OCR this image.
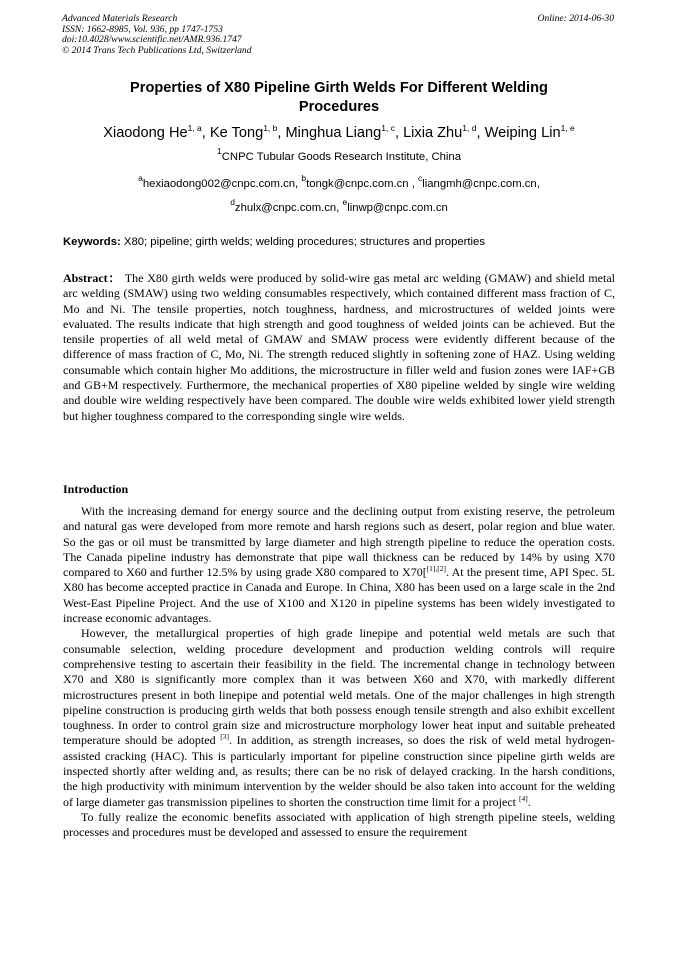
Advanced Materials Research
ISSN: 1662-8985, Vol. 936, pp 1747-1753
doi:10.4028/www.scientific.net/AMR.936.1747
© 2014 Trans Tech Publications Ltd, Switzerland
Online: 2014-06-30
Properties of X80 Pipeline Girth Welds For Different Welding
Procedures
Xiaodong He$^{1, a}$, Ke Tong$^{1, b}$, Minghua Liang$^{1, c}$, Lixia Zhu$^{1, d}$, Weiping Lin$^{1, e}$
$^1$CNPC Tubular Goods Research Institute, China
$^a$hexiaodong002@cnpc.com.cn, $^b$tongk@cnpc.com.cn , $^c$liangmh@cnpc.com.cn,
$^d$zhulx@cnpc.com.cn, $^e$linwp@cnpc.com.cn
Keywords: X80; pipeline; girth welds; welding procedures; structures and properties
Abstract： The X80 girth welds were produced by solid-wire gas metal arc welding (GMAW) and shield metal arc welding (SMAW) using two welding consumables respectively, which contained different mass fraction of C, Mo and Ni. The tensile properties, notch toughness, hardness, and microstructures of welded joints were evaluated. The results indicate that high strength and good toughness of welded joints can be achieved. But the tensile properties of all weld metal of GMAW and SMAW process were evidently different because of the difference of mass fraction of C, Mo, Ni. The strength reduced slightly in softening zone of HAZ. Using welding consumable which contain higher Mo additions, the microstructure in filler weld and fusion zones were IAF+GB and GB+M respectively. Furthermore, the mechanical properties of X80 pipeline welded by single wire welding and double wire welding respectively have been compared. The double wire welds exhibited lower yield strength but higher toughness compared to the corresponding single wire welds.
Introduction

With the increasing demand for energy source and the declining output from existing reserve, the petroleum and natural gas were developed from more remote and harsh regions such as desert, polar region and blue water. So the gas or oil must be transmitted by large diameter and high strength pipeline to reduce the operation costs. The Canada pipeline industry has demonstrate that pipe wall thickness can be reduced by 14% by using X70 compared to X60 and further 12.5% by using grade X80 compared to X70[[1],[2]. At the present time, API Spec. 5L X80 has become accepted practice in Canada and Europe. In China, X80 has been used on a large scale in the 2nd West-East Pipeline Project. And the use of X100 and X120 in pipeline systems has been widely investigated to increase economic advantages.

However, the metallurgical properties of high grade linepipe and potential weld metals are such that consumable selection, welding procedure development and production welding controls will require comprehensive testing to ascertain their feasibility in the field. The incremental change in technology between X70 and X80 is significantly more complex than it was between X60 and X70, with markedly different microstructures present in both linepipe and potential weld metals. One of the major challenges in high strength pipeline construction is producing girth welds that both possess enough tensile strength and also exhibit excellent toughness. In order to control grain size and microstructure morphology lower heat input and suitable preheated temperature should be adopted [3]. In addition, as strength increases, so does the risk of weld metal hydrogen-assisted cracking (HAC). This is particularly important for pipeline construction since pipeline girth welds are inspected shortly after welding and, as results; there can be no risk of delayed cracking. In the harsh conditions, the high productivity with minimum intervention by the welder should be also taken into account for the welding of large diameter gas transmission pipelines to shorten the construction time limit for a project [4].

To fully realize the economic benefits associated with application of high strength pipeline steels, welding processes and procedures must be developed and assessed to ensure the requirement
